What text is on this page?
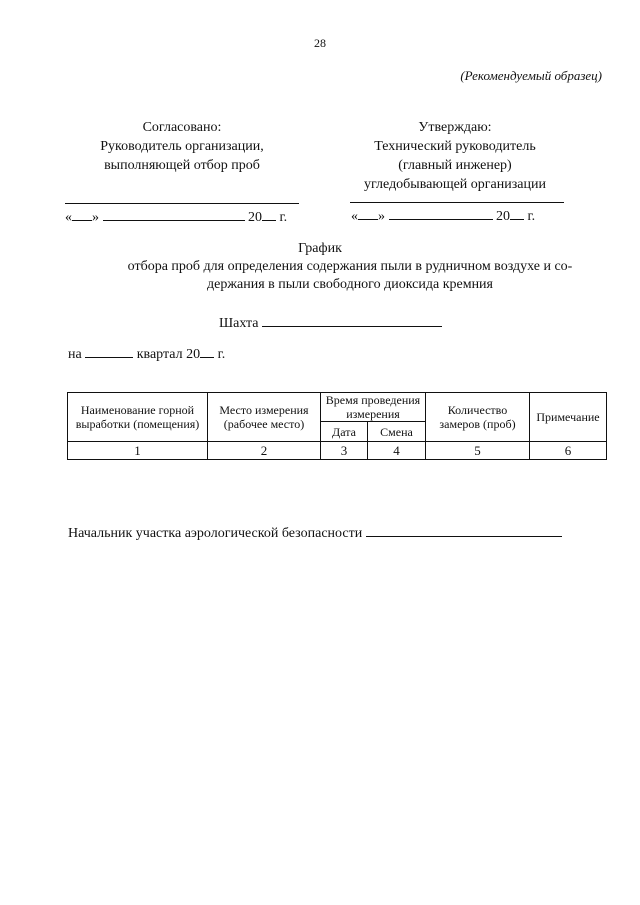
28
(Рекомендуемый образец)
Согласовано:
Руководитель организации,
выполняющей отбор проб
Утверждаю:
Технический руководитель
(главный инженер)
угледобывающей организации
« »	20 г.	« »	20 г.
График
отбора проб для определения содержания пыли в рудничном воздухе и со-
держания в пыли свободного диоксида кремния
Шахта
на	квартал 20 г.
Наименование горной выработки (помещения)	Место измерения (рабочее место)	Время проведения измерения		Количество замеров (проб)	Примечание
		Дата	Смена		
1	2	3	4	5	6
Начальник участка аэрологической безопасности
